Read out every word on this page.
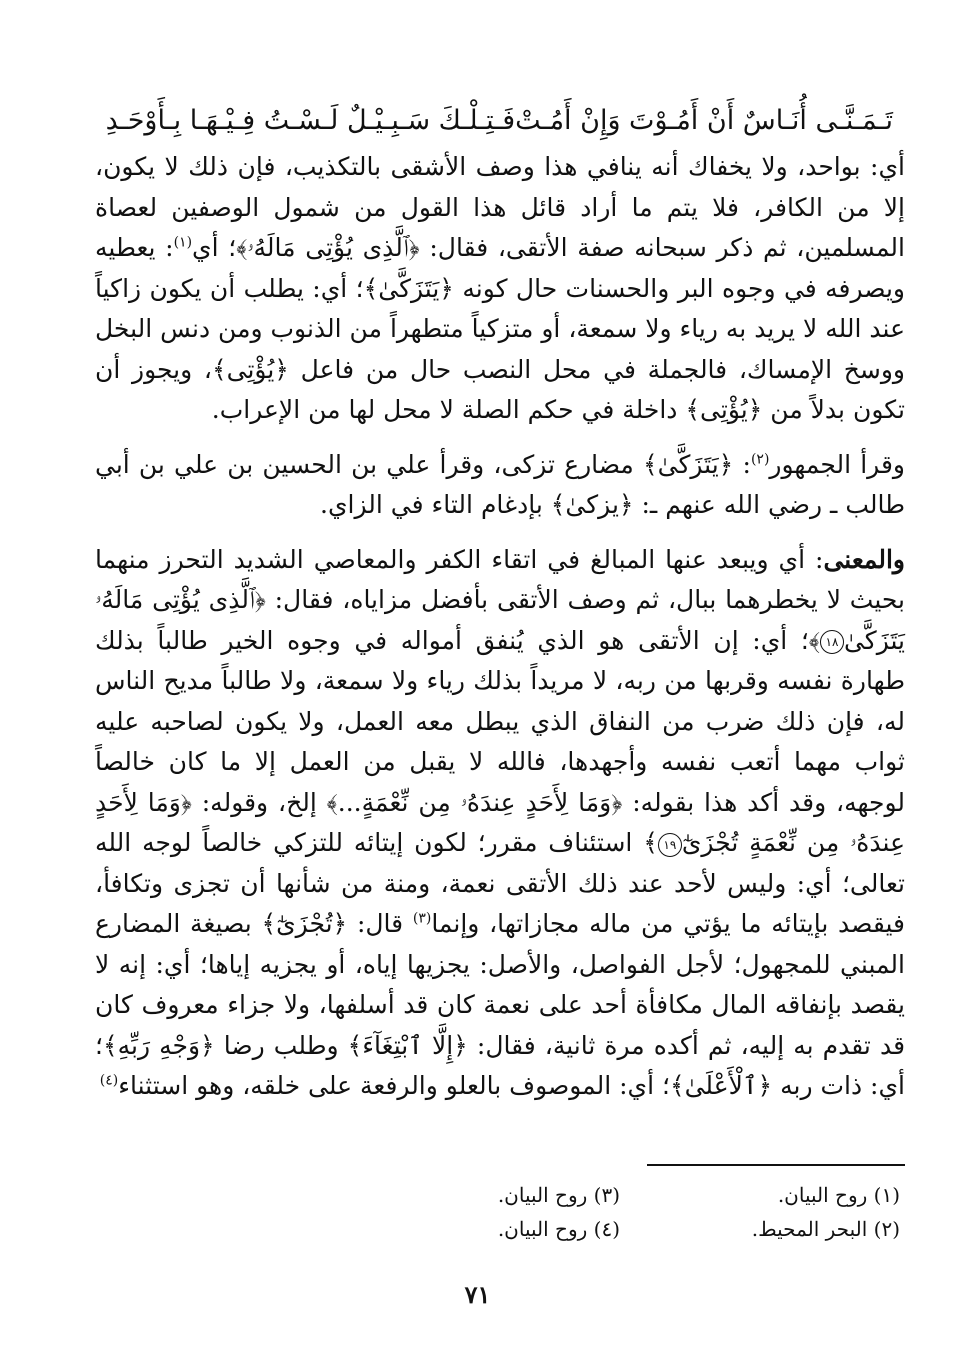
تَـمَـنَّـى أُنَـاسٌ أَنْ أَمُـوْتَ وَإِنْ أَمُـتْ
فَـتِـلْـكَ سَـبِـيْـلٌ لَـسْـتُ فِـيْـهَـا بِـأَوْحَـدِ

أي: بواحد، ولا يخفاك أنه ينافي هذا وصف الأشقى بالتكذيب، فإن ذلك لا يكون، إلا من الكافر، فلا يتم ما أراد قائل هذا القول من شمول الوصفين لعصاة المسلمين، ثم ذكر سبحانه صفة الأتقى، فقال: ﴿ٱلَّذِى يُؤْتِى مَالَهُۥ﴾؛ أي$^{(١)}$: يعطيه ويصرفه في وجوه البر والحسنات حال كونه ﴿يَتَزَكَّىٰ﴾؛ أي: يطلب أن يكون زاكياً عند الله لا يريد به رياء ولا سمعة، أو متزكياً متطهراً من الذنوب ومن دنس البخل ووسخ الإمساك، فالجملة في محل النصب حال من فاعل ﴿يُؤْتِى﴾، ويجوز أن تكون بدلاً من ﴿يُؤْتِى﴾ داخلة في حكم الصلة لا محل لها من الإعراب.

وقرأ الجمهور$^{(٢)}$: ﴿يَتَزَكَّىٰ﴾ مضارع تزكى، وقرأ علي بن الحسين بن علي بن أبي طالب ـ رضي الله عنهم ـ: ﴿يزكىٰ﴾ بإدغام التاء في الزاي.

والمعنى: أي ويبعد عنها المبالغ في اتقاء الكفر والمعاصي الشديد التحرز منهما بحيث لا يخطرهما ببال، ثم وصف الأتقى بأفضل مزاياه، فقال: ﴿ٱلَّذِى يُؤْتِى مَالَهُۥ يَتَزَكَّىٰ١٨﴾؛ أي: إن الأتقى هو الذي يُنفق أمواله في وجوه الخير طالباً بذلك طهارة نفسه وقربها من ربه، لا مريداً بذلك رياء ولا سمعة، ولا طالباً مديح الناس له، فإن ذلك ضرب من النفاق الذي يبطل معه العمل، ولا يكون لصاحبه عليه ثواب مهما أتعب نفسه وأجهدها، فالله لا يقبل من العمل إلا ما كان خالصاً لوجهه، وقد أكد هذا بقوله: ﴿وَمَا لِأَحَدٍ عِندَهُۥ مِن نِّعْمَةٍ...﴾ إلخ، وقوله: ﴿وَمَا لِأَحَدٍ عِندَهُۥ مِن نِّعْمَةٍ تُجْزَىٰٓ١٩﴾ استئناف مقرر؛ لكون إيتائه للتزكي خالصاً لوجه الله تعالى؛ أي: وليس لأحد عند ذلك الأتقى نعمة، ومنة من شأنها أن تجزى وتكافأ، فيقصد بإيتائه ما يؤتي من ماله مجازاتها، وإنما$^{(٣)}$ قال: ﴿تُجْزَىٰٓ﴾ بصيغة المضارع المبني للمجهول؛ لأجل الفواصل، والأصل: يجزيها إياه، أو يجزيه إياها؛ أي: إنه لا يقصد بإنفاقه المال مكافأة أحد على نعمة كان قد أسلفها، ولا جزاء معروف كان قد تقدم به إليه، ثم أكده مرة ثانية، فقال: ﴿إِلَّا ٱبْتِغَآءَ﴾ وطلب رضا ﴿وَجْهِ رَبِّهِ﴾؛ أي: ذات ربه ﴿ٱلْأَعْلَىٰ﴾؛ أي: الموصوف بالعلو والرفعة على خلقه، وهو استثناء$^{(٤)}$

(١) روح البيان.
(٣) روح البيان.
(٢) البحر المحيط.
(٤) روح البيان.
٧١
